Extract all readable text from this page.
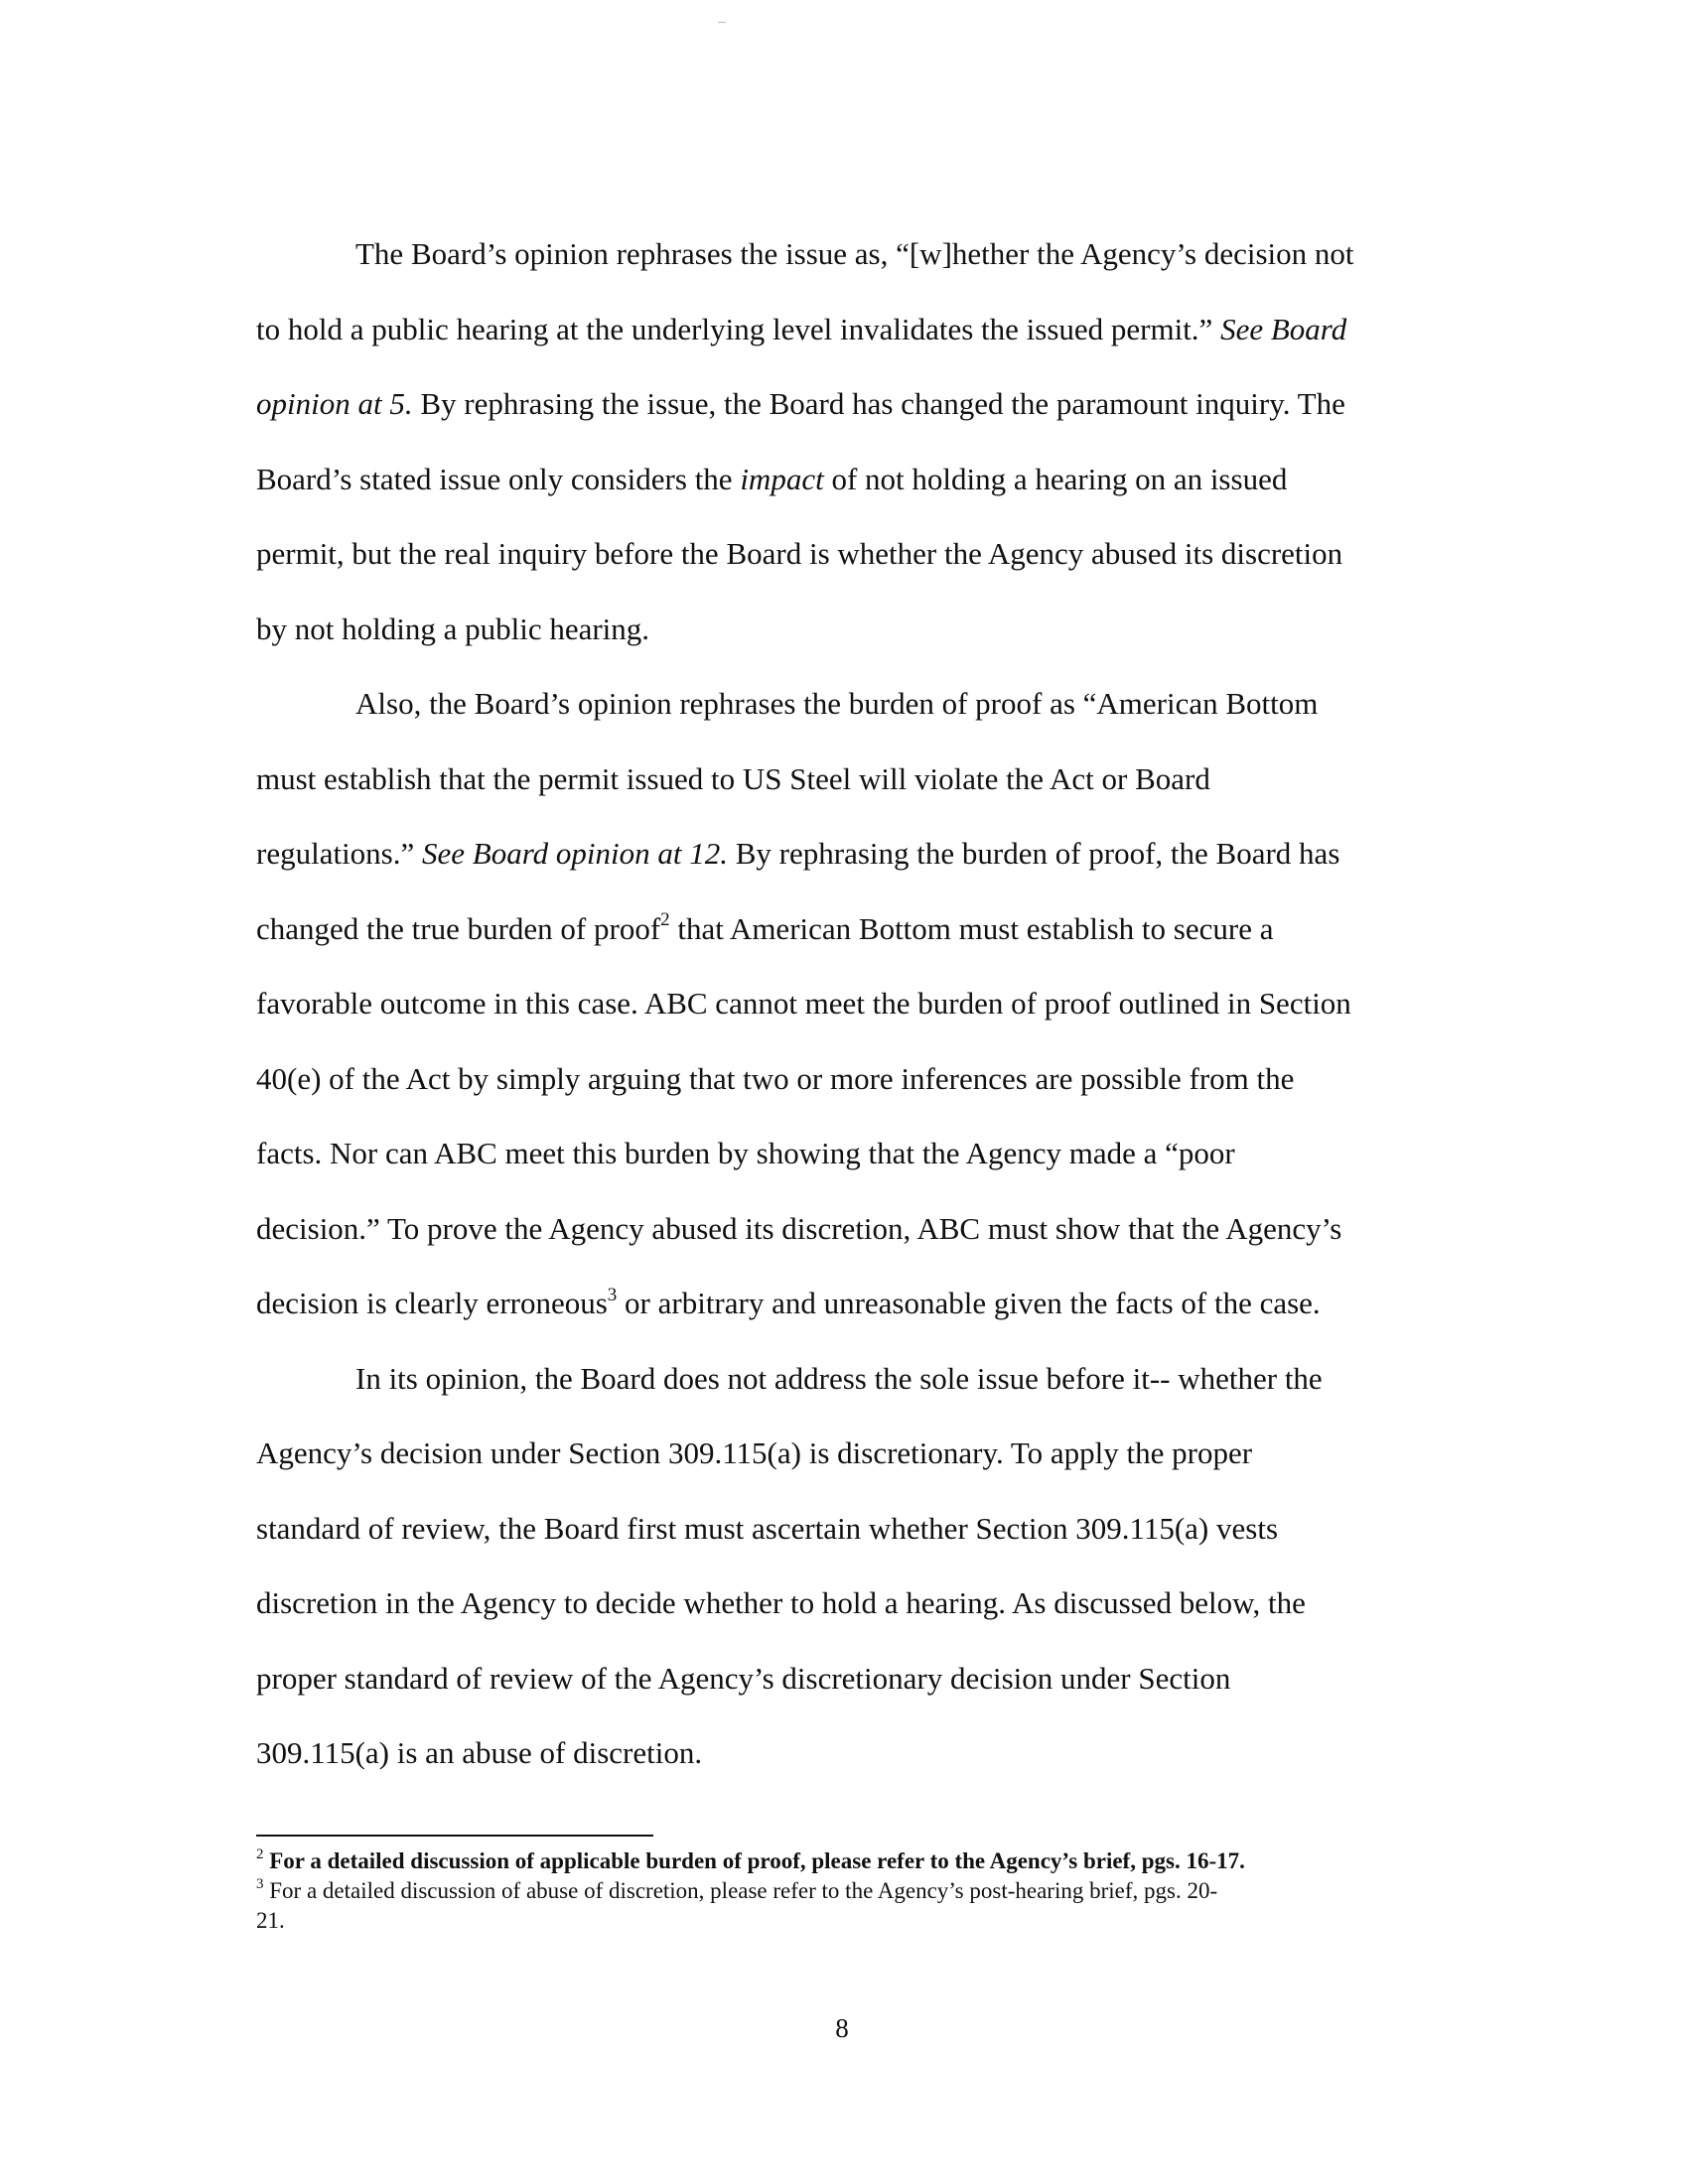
The Board’s opinion rephrases the issue as, “[w]hether the Agency’s decision not
to hold a public hearing at the underlying level invalidates the issued permit.” See Board
opinion at 5. By rephrasing the issue, the Board has changed the paramount inquiry. The
Board’s stated issue only considers the impact of not holding a hearing on an issued
permit, but the real inquiry before the Board is whether the Agency abused its discretion
by not holding a public hearing.
Also, the Board’s opinion rephrases the burden of proof as “American Bottom
must establish that the permit issued to US Steel will violate the Act or Board
regulations.” See Board opinion at 12. By rephrasing the burden of proof, the Board has
changed the true burden of proof$^2$ that American Bottom must establish to secure a
favorable outcome in this case. ABC cannot meet the burden of proof outlined in Section
40(e) of the Act by simply arguing that two or more inferences are possible from the
facts. Nor can ABC meet this burden by showing that the Agency made a “poor
decision.” To prove the Agency abused its discretion, ABC must show that the Agency’s
decision is clearly erroneous$^3$ or arbitrary and unreasonable given the facts of the case.
In its opinion, the Board does not address the sole issue before it-- whether the
Agency’s decision under Section 309.115(a) is discretionary. To apply the proper
standard of review, the Board first must ascertain whether Section 309.115(a) vests
discretion in the Agency to decide whether to hold a hearing. As discussed below, the
proper standard of review of the Agency’s discretionary decision under Section
309.115(a) is an abuse of discretion.

$^2$ For a detailed discussion of applicable burden of proof, please refer to the Agency’s brief, pgs. 16-17.

$^3$ For a detailed discussion of abuse of discretion, please refer to the Agency’s post-hearing brief, pgs. 20-
21.

8
